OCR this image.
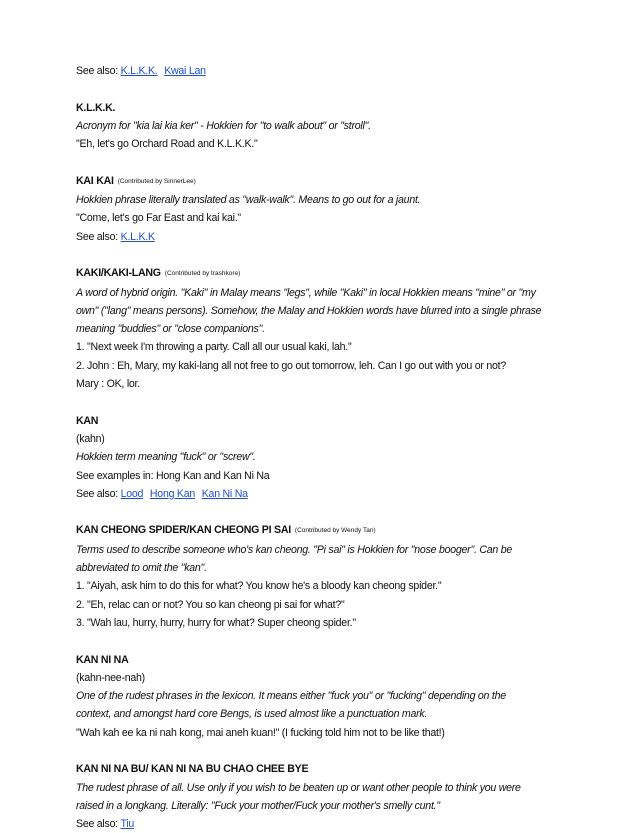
See also: K.L.K.K. Kwai Lan
K.L.K.K.
Acronym for "kia lai kia ker" - Hokkien for "to walk about" or "stroll".
"Eh, let's go Orchard Road and K.L.K.K."
KAI KAI (Contributed by SinnerLee)
Hokkien phrase literally translated as "walk-walk". Means to go out for a jaunt.
"Come, let's go Far East and kai kai."
See also: K.L.K.K
KAKI/KAKI-LANG (Contributed by trashkore)
A word of hybrid origin. "Kaki" in Malay means "legs", while "Kaki" in local Hokkien means "mine" or "my
own" ("lang" means persons). Somehow, the Malay and Hokkien words have blurred into a single phrase
meaning "buddies" or "close companions".
1. "Next week I'm throwing a party. Call all our usual kaki, lah."
2. John : Eh, Mary, my kaki-lang all not free to go out tomorrow, leh. Can I go out with you or not?
Mary : OK, lor.
KAN
(kahn)
Hokkien term meaning "fuck" or "screw".
See examples in: Hong Kan and Kan Ni Na
See also: Lood Hong Kan Kan Ni Na
KAN CHEONG SPIDER/KAN CHEONG PI SAI (Contributed by Wendy Tan)
Terms used to describe someone who's kan cheong. "Pi sai" is Hokkien for "nose booger". Can be
abbreviated to omit the "kan".
1. "Aiyah, ask him to do this for what? You know he's a bloody kan cheong spider."
2. "Eh, relac can or not? You so kan cheong pi sai for what?"
3. "Wah lau, hurry, hurry, hurry for what? Super cheong spider."
KAN NI NA
(kahn-nee-nah)
One of the rudest phrases in the lexicon. It means either "fuck you" or "fucking" depending on the
context, and amongst hard core Bengs, is used almost like a punctuation mark.
"Wah kah ee ka ni nah kong, mai aneh kuan!" (I fucking told him not to be like that!)
KAN NI NA BU/ KAN NI NA BU CHAO CHEE BYE
The rudest phrase of all. Use only if you wish to be beaten up or want other people to think you were
raised in a longkang. Literally: "Fuck your mother/Fuck your mother's smelly cunt."
See also: Tiu
